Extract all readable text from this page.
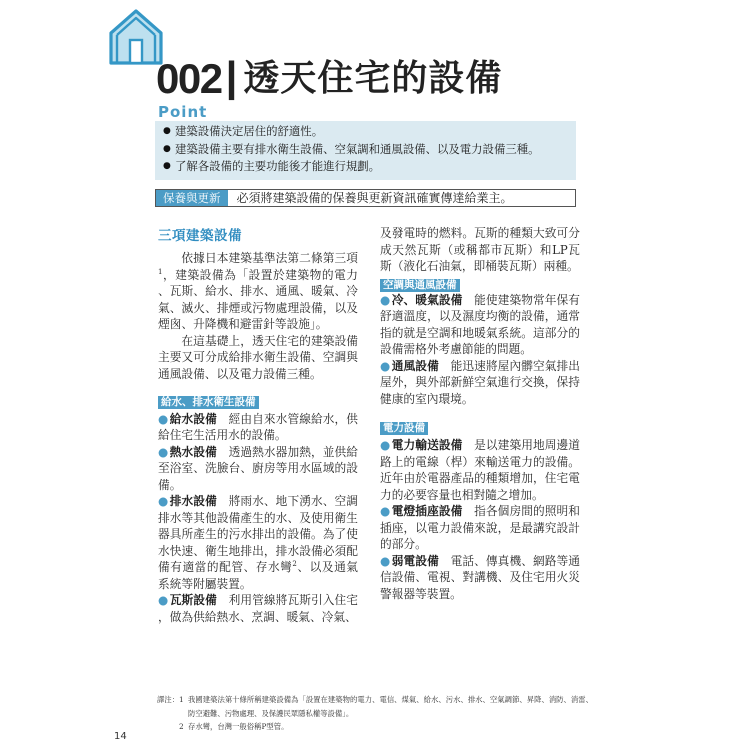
002 | 透天住宅的設備
Point
●
建築設備決定居住的舒適性。
●
建築設備主要有排水衛生設備、空氣調和通風設備、以及電力設備三種。
●
了解各設備的主要功能後才能進行規劃。
保養與更新	必須將建築設備的保養與更新資訊確實傳達給業主。
三項建築設備

依據日本建築基準法第二條第三項$^1$，建築設備為「設置於建築物的電力、瓦斯、給水、排水、通風、暖氣、冷氣、滅火、排煙或污物處理設備，以及煙囪、升降機和避雷針等設施」。

在這基礎上，透天住宅的建築設備主要又可分成給排水衛生設備、空調與通風設備、以及電力設備三種。

給水、排水衛生設備

●給水設備 經由自來水管線給水，供給住宅生活用水的設備。

●熱水設備 透過熱水器加熱，並供給至浴室、洗臉台、廚房等用水區域的設備。

●排水設備 將雨水、地下湧水、空調排水等其他設備產生的水、及使用衛生器具所產生的污水排出的設備。為了使水快速、衛生地排出，排水設備必須配備有適當的配管、存水彎$^2$、以及通氣系統等附屬裝置。

●瓦斯設備 利用管線將瓦斯引入住宅，做為供給熱水、烹調、暖氣、冷氣、

及發電時的燃料。瓦斯的種類大致可分成天然瓦斯（或稱都市瓦斯）和LP瓦斯（液化石油氣，即桶裝瓦斯）兩種。

空調與通風設備

●冷、暖氣設備 能使建築物常年保有舒適溫度，以及濕度均衡的設備，通常指的就是空調和地暖氣系統。這部分的設備需格外考慮節能的問題。

●通風設備 能迅速將屋內髒空氣排出屋外，與外部新鮮空氣進行交換，保持健康的室內環境。

電力設備

●電力輸送設備 是以建築用地周邊道路上的電線（桿）來輸送電力的設備。近年由於電器產品的種類增加，住宅電力的必要容量也相對隨之增加。

●電燈插座設備 指各個房間的照明和插座，以電力設備來說，是最講究設計的部分。

●弱電設備 電話、傳真機、網路等通信設備、電視、對講機、及住宅用火災警報器等裝置。

譯注： 1 我國建築法第十條所稱建築設備為「設置在建築物的電力、電信、煤氣、給水、污水、排水、空氣調節、昇降、消防、消雷、防空避難、污物處理、及保護民眾隱私權等設備」。
2 存水彎，台灣一般俗稱P型管。
14
